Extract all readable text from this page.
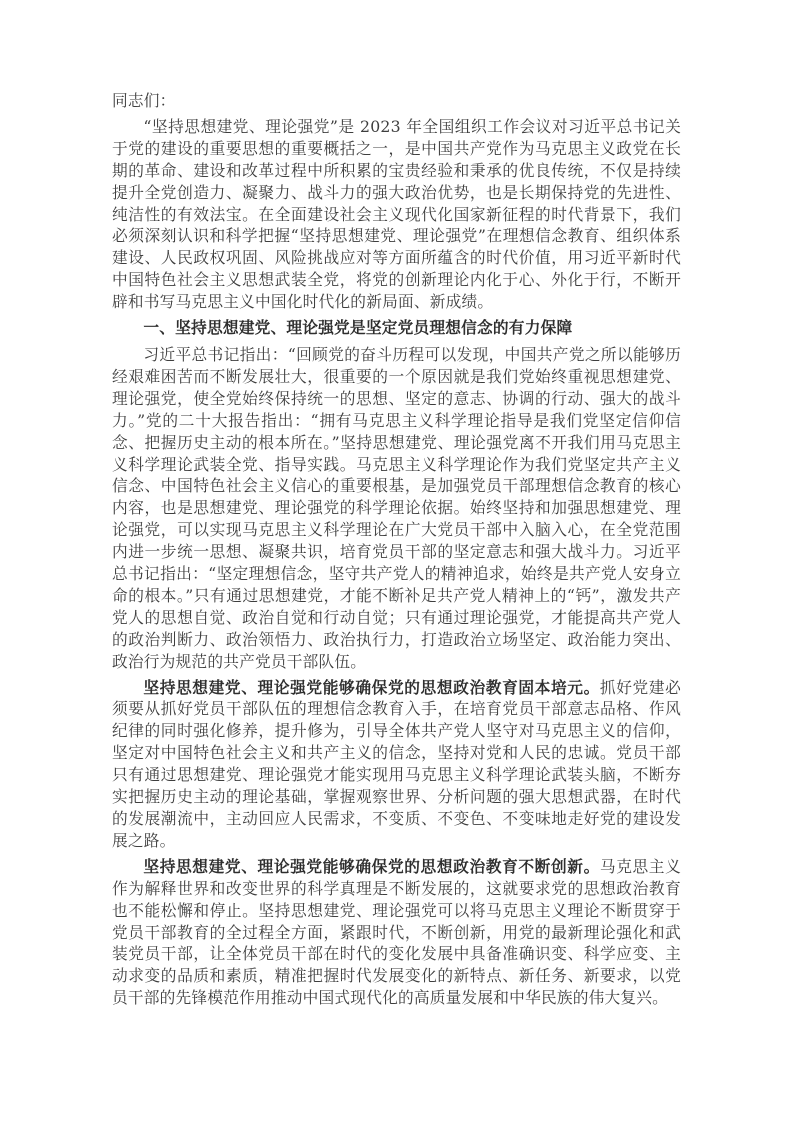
同志们：

“坚持思想建党、理论强党”是 2023 年全国组织工作会议对习近平总书记关于党的建设的重要思想的重要概括之一，是中国共产党作为马克思主义政党在长期的革命、建设和改革过程中所积累的宝贵经验和秉承的优良传统，不仅是持续提升全党创造力、凝聚力、战斗力的强大政治优势，也是长期保持党的先进性、纯洁性的有效法宝。在全面建设社会主义现代化国家新征程的时代背景下，我们必须深刻认识和科学把握“坚持思想建党、理论强党”在理想信念教育、组织体系建设、人民政权巩固、风险挑战应对等方面所蕴含的时代价值，用习近平新时代中国特色社会主义思想武装全党，将党的创新理论内化于心、外化于行，不断开辟和书写马克思主义中国化时代化的新局面、新成绩。

一、坚持思想建党、理论强党是坚定党员理想信念的有力保障

习近平总书记指出：“回顾党的奋斗历程可以发现，中国共产党之所以能够历经艰难困苦而不断发展壮大，很重要的一个原因就是我们党始终重视思想建党、理论强党，使全党始终保持统一的思想、坚定的意志、协调的行动、强大的战斗力。”党的二十大报告指出：“拥有马克思主义科学理论指导是我们党坚定信仰信念、把握历史主动的根本所在。”坚持思想建党、理论强党离不开我们用马克思主义科学理论武装全党、指导实践。马克思主义科学理论作为我们党坚定共产主义信念、中国特色社会主义信心的重要根基，是加强党员干部理想信念教育的核心内容，也是思想建党、理论强党的科学理论依据。始终坚持和加强思想建党、理论强党，可以实现马克思主义科学理论在广大党员干部中入脑入心，在全党范围内进一步统一思想、凝聚共识，培育党员干部的坚定意志和强大战斗力。习近平总书记指出：“坚定理想信念，坚守共产党人的精神追求，始终是共产党人安身立命的根本。”只有通过思想建党，才能不断补足共产党人精神上的“钙”，激发共产党人的思想自觉、政治自觉和行动自觉；只有通过理论强党，才能提高共产党人的政治判断力、政治领悟力、政治执行力，打造政治立场坚定、政治能力突出、政治行为规范的共产党员干部队伍。

坚持思想建党、理论强党能够确保党的思想政治教育固本培元。抓好党建必须要从抓好党员干部队伍的理想信念教育入手，在培育党员干部意志品格、作风纪律的同时强化修养，提升修为，引导全体共产党人坚守对马克思主义的信仰，坚定对中国特色社会主义和共产主义的信念，坚持对党和人民的忠诚。党员干部只有通过思想建党、理论强党才能实现用马克思主义科学理论武装头脑，不断夯实把握历史主动的理论基础，掌握观察世界、分析问题的强大思想武器，在时代的发展潮流中，主动回应人民需求，不变质、不变色、不变味地走好党的建设发展之路。

坚持思想建党、理论强党能够确保党的思想政治教育不断创新。马克思主义作为解释世界和改变世界的科学真理是不断发展的，这就要求党的思想政治教育也不能松懈和停止。坚持思想建党、理论强党可以将马克思主义理论不断贯穿于党员干部教育的全过程全方面，紧跟时代，不断创新，用党的最新理论强化和武装党员干部，让全体党员干部在时代的变化发展中具备准确识变、科学应变、主动求变的品质和素质，精准把握时代发展变化的新特点、新任务、新要求，以党员干部的先锋模范作用推动中国式现代化的高质量发展和中华民族的伟大复兴。
